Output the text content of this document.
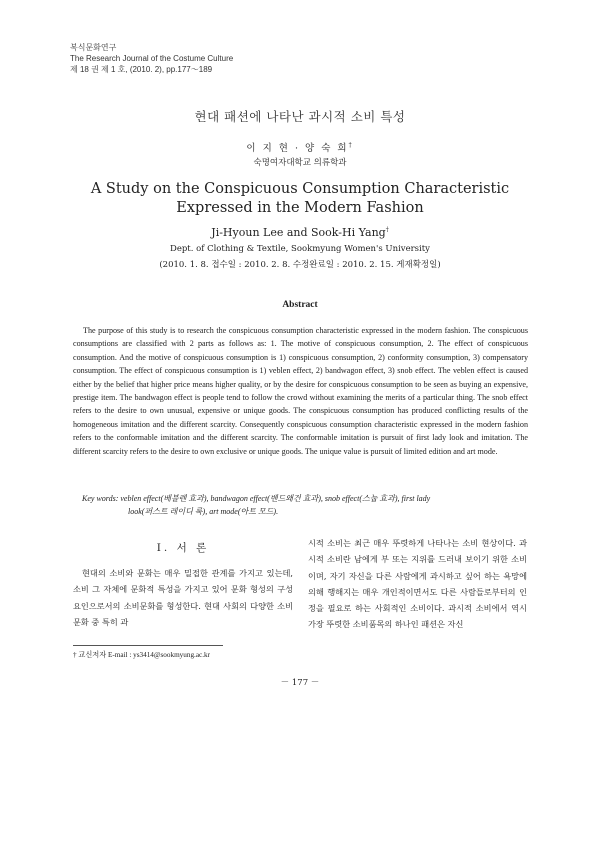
복식문화연구
The Research Journal of the Costume Culture
제 18 권 제 1 호, (2010. 2), pp.177～189
현대 패션에 나타난 과시적 소비 특성
이 지 현 · 양 숙 희†
숙명여자대학교 의류학과
A Study on the Conspicuous Consumption Characteristic
Expressed in the Modern Fashion
Ji-Hyoun Lee and Sook-Hi Yang†
Dept. of Clothing & Textile, Sookmyung Women's University
(2010. 1. 8. 접수일 : 2010. 2. 8. 수정완료일 : 2010. 2. 15. 게재확정일)
Abstract
The purpose of this study is to research the conspicuous consumption characteristic expressed in the modern fashion. The conspicuous consumptions are classified with 2 parts as follows as: 1. The motive of conspicuous consumption, 2. The effect of conspicuous consumption. And the motive of conspicuous consumption is 1) conspicuous consumption, 2) conformity consumption, 3) compensatory consumption. The effect of conspicuous consumption is 1) veblen effect, 2) bandwagon effect, 3) snob effect. The veblen effect is caused either by the belief that higher price means higher quality, or by the desire for conspicuous consumption to be seen as buying an expensive, prestige item. The bandwagon effect is people tend to follow the crowd without examining the merits of a particular thing. The snob effect refers to the desire to own unusual, expensive or unique goods. The conspicuous consumption has produced conflicting results of the homogeneous imitation and the different scarcity. Consequently conspicuous consumption characteristic expressed in the modern fashion refers to the conformable imitation and the different scarcity. The conformable imitation is pursuit of first lady look and imitation. The different scarcity refers to the desire to own exclusive or unique goods. The unique value is pursuit of limited edition and art mode.
Key words: veblen effect(베블렌 효과), bandwagon effect(밴드왜건 효과), snob effect(스눕 효과), first lady
look(퍼스트 레이디 룩), art mode(아트 모드).
Ⅰ. 서 론
현대의 소비와 문화는 매우 밀접한 관계를 가지고 있는데, 소비 그 자체에 문화적 특성을 가지고 있어 문화 형성의 구성요인으로서의 소비문화를 형성한다. 현대 사회의 다양한 소비문화 중 특히 과
시적 소비는 최근 매우 뚜렷하게 나타나는 소비 현상이다. 과시적 소비란 남에게 부 또는 지위를 드러내 보이기 위한 소비이며, 자기 자신을 다른 사람에게 과시하고 싶어 하는 욕망에 의해 행해지는 매우 개인적이면서도 다른 사람들로부터의 인정을 필요로 하는 사회적인 소비이다. 과시적 소비에서 역시 가장 뚜렷한 소비품목의 하나인 패션은 자신
† 교신저자 E-mail : ys3414@sookmyung.ac.kr
－ 177 －
